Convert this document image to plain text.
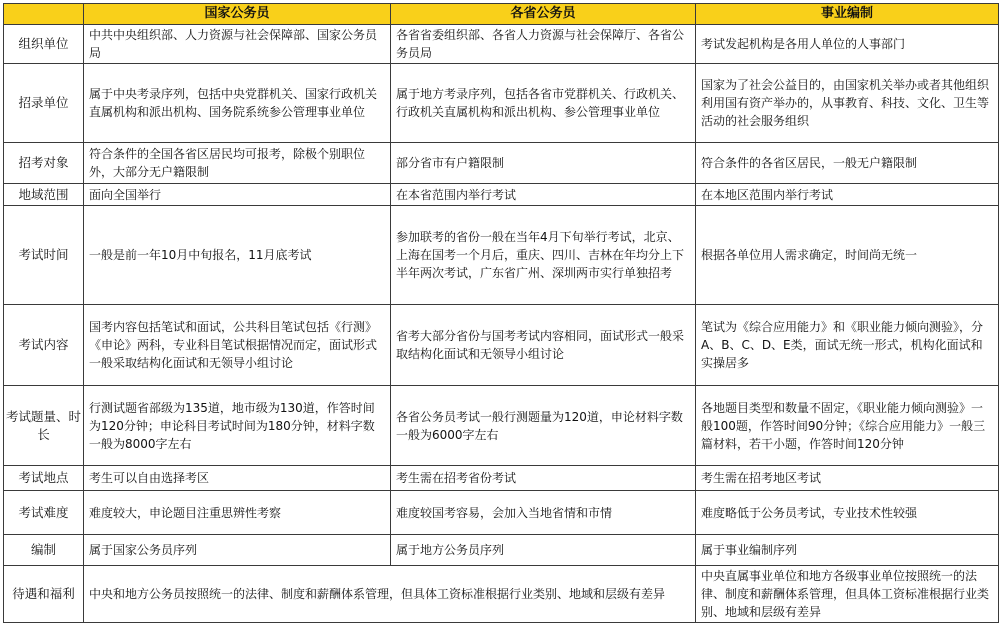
	国家公务员	各省公务员	事业编制
组织单位	中共中央组织部、人力资源与社会保障部、国家公务员局	各省省委组织部、各省人力资源与社会保障厅、各省公务员局	考试发起机构是各用人单位的人事部门
招录单位	属于中央考录序列，包括中央党群机关、国家行政机关直属机构和派出机构、国务院系统参公管理事业单位	属于地方考录序列，包括各省市党群机关、行政机关、行政机关直属机构和派出机构、参公管理事业单位	国家为了社会公益目的，由国家机关举办或者其他组织利用国有资产举办的，从事教育、科技、文化、卫生等活动的社会服务组织
招考对象	符合条件的全国各省区居民均可报考，除极个别职位外，大部分无户籍限制	部分省市有户籍限制	符合条件的各省区居民，一般无户籍限制
地域范围	面向全国举行	在本省范围内举行考试	在本地区范围内举行考试
考试时间	一般是前一年10月中旬报名，11月底考试	参加联考的省份一般在当年4月下旬举行考试，北京、上海在国考一个月后，重庆、四川、吉林在年均分上下半年两次考试，广东省广州、深圳两市实行单独招考	根据各单位用人需求确定，时间尚无统一
考试内容	国考内容包括笔试和面试，公共科目笔试包括《行测》《申论》两科，专业科目笔试根据情况而定，面试形式一般采取结构化面试和无领导小组讨论	省考大部分省份与国考考试内容相同，面试形式一般采取结构化面试和无领导小组讨论	笔试为《综合应用能力》和《职业能力倾向测验》，分A、B、C、D、E类，面试无统一形式，机构化面试和实操居多
考试题量、时长	行测试题省部级为135道，地市级为130道，作答时间为120分钟；申论科目考试时间为180分钟，材料字数一般为8000字左右	各省公务员考试一般行测题量为120道，申论材料字数一般为6000字左右	各地题目类型和数量不固定，《职业能力倾向测验》一般100题，作答时间90分钟；《综合应用能力》一般三篇材料，若干小题，作答时间120分钟
考试地点	考生可以自由选择考区	考生需在招考省份考试	考生需在招考地区考试
考试难度	难度较大，申论题目注重思辨性考察	难度较国考容易，会加入当地省情和市情	难度略低于公务员考试，专业技术性较强
编制	属于国家公务员序列	属于地方公务员序列	属于事业编制序列
待遇和福利	中央和地方公务员按照统一的法律、制度和薪酬体系管理，但具体工资标准根据行业类别、地域和层级有差异		中央直属事业单位和地方各级事业单位按照统一的法律、制度和薪酬体系管理，但具体工资标准根据行业类别、地域和层级有差异
